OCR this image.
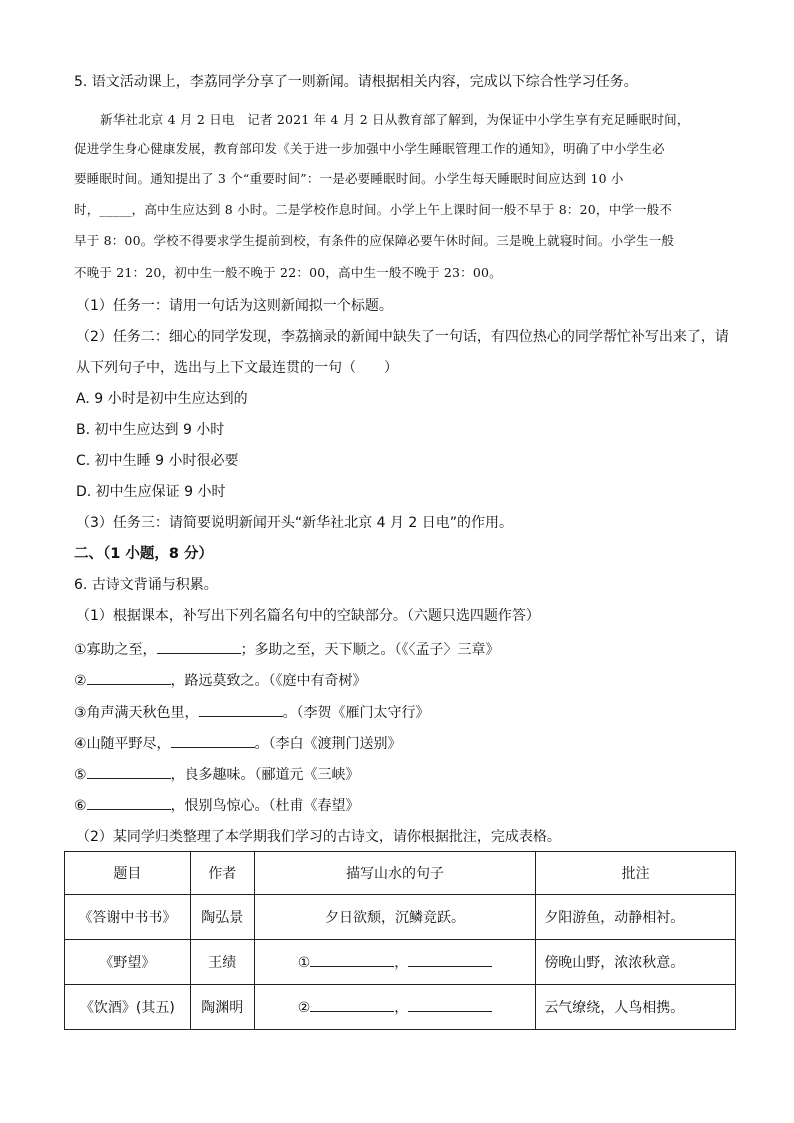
5. 语文活动课上，李荔同学分享了一则新闻。请根据相关内容，完成以下综合性学习任务。
新华社北京 4 月 2 日电　记者 2021 年 4 月 2 日从教育部了解到，为保证中小学生享有充足睡眠时间，
促进学生身心健康发展，教育部印发《关于进一步加强中小学生睡眠管理工作的通知》，明确了中小学生必
要睡眠时间。通知提出了 3 个“重要时间”：一是必要睡眠时间。小学生每天睡眠时间应达到 10 小
时，_____，高中生应达到 8 小时。二是学校作息时间。小学上午上课时间一般不早于 8：20，中学一般不
早于 8：00。学校不得要求学生提前到校，有条件的应保障必要午休时间。三是晚上就寝时间。小学生一般
不晚于 21：20，初中生一般不晚于 22：00，高中生一般不晚于 23：00。
（1）任务一：请用一句话为这则新闻拟一个标题。
（2）任务二：细心的同学发现，李荔摘录的新闻中缺失了一句话，有四位热心的同学帮忙补写出来了，请
从下列句子中，选出与上下文最连贯的一句（　　）
A. 9 小时是初中生应达到的
B. 初中生应达到 9 小时
C. 初中生睡 9 小时很必要
D. 初中生应保证 9 小时
（3）任务三：请简要说明新闻开头“新华社北京 4 月 2 日电”的作用。
二、（1 小题，8 分）
6. 古诗文背诵与积累。
（1）根据课本，补写出下列名篇名句中的空缺部分。（六题只选四题作答）
①寡助之至，	；多助之至，天下顺之。（《〈孟子〉三章》
②	，路远莫致之。（《庭中有奇树》
③角声满天秋色里，	。（李贺《雁门太守行》
④山随平野尽，	。（李白《渡荆门送别》
⑤	，良多趣味。（郦道元《三峡》
⑥	，恨别鸟惊心。（杜甫《春望》
（2）某同学归类整理了本学期我们学习的古诗文，请你根据批注，完成表格。
题目	作者	描写山水的句子	批注
《答谢中书书》	陶弘景	夕日欲颓，沉鳞竞跃。	夕阳游鱼，动静相衬。
《野望》	王绩	① ，	傍晚山野，浓浓秋意。
《饮酒》(其五)	陶渊明	② ，	云气缭绕，人鸟相携。
